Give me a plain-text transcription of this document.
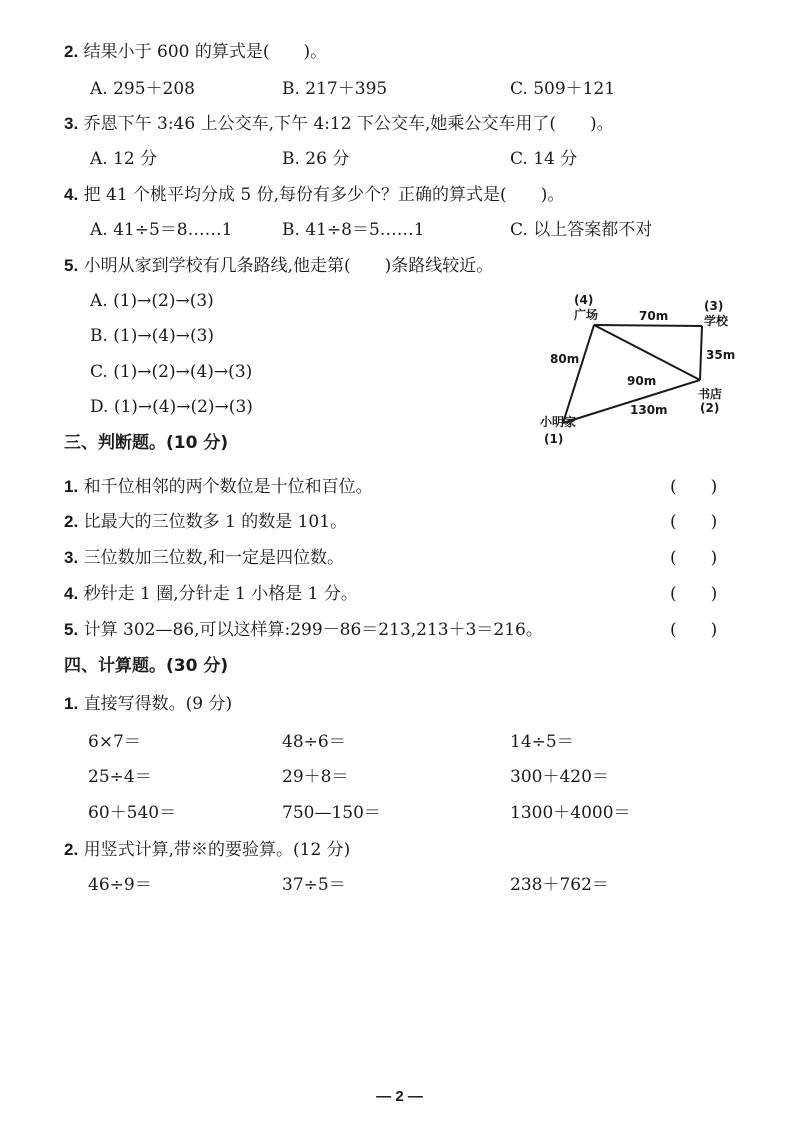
2. 结果小于 600 的算式是(　　)。
A. 295＋208	B. 217＋395	C. 509＋121
3. 乔恩下午 3:46 上公交车,下午 4:12 下公交车,她乘公交车用了(　　)。
A. 12 分	B. 26 分	C. 14 分
4. 把 41 个桃平均分成 5 份,每份有多少个？正确的算式是(　　)。
A. 41÷5＝8……1	B. 41÷8＝5……1	C. 以上答案都不对
5. 小明从家到学校有几条路线,他走第(　　)条路线较近。
A. (1)→(2)→(3)
B. (1)→(4)→(3)
C. (1)→(2)→(4)→(3)
D. (1)→(4)→(2)→(3)
(4)
广场
(3)
学校
书店
(2)
小明家
(1)
70m
35m
80m
90m
130m
三、判断题。(10 分)
1. 和千位相邻的两个数位是十位和百位。	(　　)
2. 比最大的三位数多 1 的数是 101。	(　　)
3. 三位数加三位数,和一定是四位数。	(　　)
4. 秒针走 1 圈,分针走 1 小格是 1 分。	(　　)
5. 计算 302—86,可以这样算:299－86＝213,213＋3＝216。	(　　)
四、计算题。(30 分)
1. 直接写得数。(9 分)
6×7＝	48÷6＝	14÷5＝
25÷4＝	29＋8＝	300＋420＝
60＋540＝	750—150＝	1300＋4000＝
2. 用竖式计算,带※的要验算。(12 分)
46÷9＝	37÷5＝	238＋762＝
— 2 —
